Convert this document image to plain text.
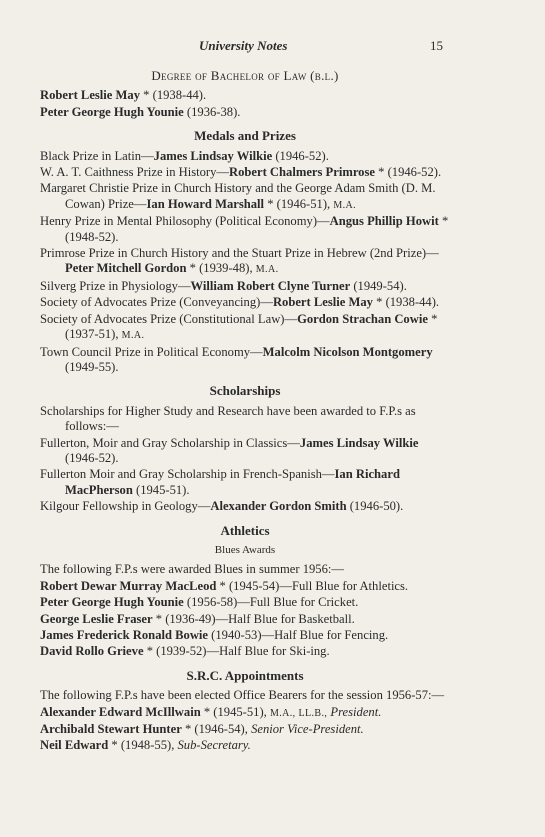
University Notes	15
Degree of Bachelor of Law (b.l.)
Robert Leslie May * (1938-44).
Peter George Hugh Younie (1936-38).
Medals and Prizes
Black Prize in Latin—James Lindsay Wilkie (1946-52).
W. A. T. Caithness Prize in History—Robert Chalmers Primrose * (1946-52).
Margaret Christie Prize in Church History and the George Adam Smith (D. M. Cowan) Prize—Ian Howard Marshall * (1946-51), M.A.
Henry Prize in Mental Philosophy (Political Economy)—Angus Phillip Howit * (1948-52).
Primrose Prize in Church History and the Stuart Prize in Hebrew (2nd Prize)—Peter Mitchell Gordon * (1939-48), M.A.
Silverg Prize in Physiology—William Robert Clyne Turner (1949-54).
Society of Advocates Prize (Conveyancing)—Robert Leslie May * (1938-44).
Society of Advocates Prize (Constitutional Law)—Gordon Strachan Cowie * (1937-51), M.A.
Town Council Prize in Political Economy—Malcolm Nicolson Montgomery (1949-55).
Scholarships
Scholarships for Higher Study and Research have been awarded to F.P.s as follows:—
Fullerton, Moir and Gray Scholarship in Classics—James Lindsay Wilkie (1946-52).
Fullerton Moir and Gray Scholarship in French-Spanish—Ian Richard MacPherson (1945-51).
Kilgour Fellowship in Geology—Alexander Gordon Smith (1946-50).
Athletics
Blues Awards
The following F.P.s were awarded Blues in summer 1956:—
Robert Dewar Murray MacLeod * (1945-54)—Full Blue for Athletics.
Peter George Hugh Younie (1956-58)—Full Blue for Cricket.
George Leslie Fraser * (1936-49)—Half Blue for Basketball.
James Frederick Ronald Bowie (1940-53)—Half Blue for Fencing.
David Rollo Grieve * (1939-52)—Half Blue for Ski-ing.
S.R.C. Appointments
The following F.P.s have been elected Office Bearers for the session 1956-57:—
Alexander Edward McIllwain * (1945-51), M.A., LL.B., President.
Archibald Stewart Hunter * (1946-54), Senior Vice-President.
Neil Edward * (1948-55), Sub-Secretary.
